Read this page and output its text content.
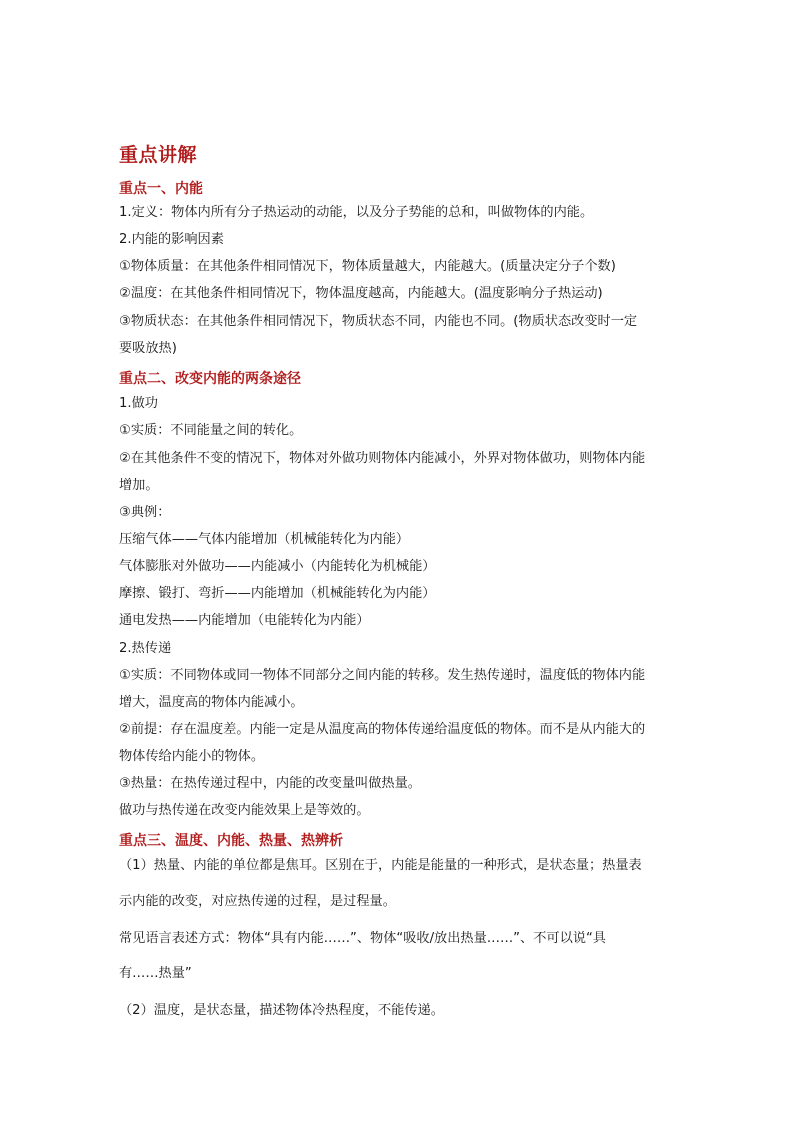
重点讲解
重点一、内能
1.定义：物体内所有分子热运动的动能，以及分子势能的总和，叫做物体的内能。
2.内能的影响因素
①物体质量：在其他条件相同情况下，物体质量越大，内能越大。(质量决定分子个数)
②温度：在其他条件相同情况下，物体温度越高，内能越大。(温度影响分子热运动)
③物质状态：在其他条件相同情况下，物质状态不同，内能也不同。(物质状态改变时一定
要吸放热)
重点二、改变内能的两条途径
1.做功
①实质：不同能量之间的转化。
②在其他条件不变的情况下，物体对外做功则物体内能减小，外界对物体做功，则物体内能
增加。
③典例：
压缩气体——气体内能增加（机械能转化为内能）
气体膨胀对外做功——内能减小（内能转化为机械能）
摩擦、锻打、弯折——内能增加（机械能转化为内能）
通电发热——内能增加（电能转化为内能）
2.热传递
①实质：不同物体或同一物体不同部分之间内能的转移。发生热传递时，温度低的物体内能
增大，温度高的物体内能减小。
②前提：存在温度差。内能一定是从温度高的物体传递给温度低的物体。而不是从内能大的
物体传给内能小的物体。
③热量：在热传递过程中，内能的改变量叫做热量。
做功与热传递在改变内能效果上是等效的。
重点三、温度、内能、热量、热辨析
（1）热量、内能的单位都是焦耳。区别在于，内能是能量的一种形式，是状态量；热量表
示内能的改变，对应热传递的过程，是过程量。
常见语言表述方式：物体“具有内能……”、物体“吸收/放出热量……”、不可以说“具
有……热量”
（2）温度，是状态量，描述物体冷热程度，不能传递。
